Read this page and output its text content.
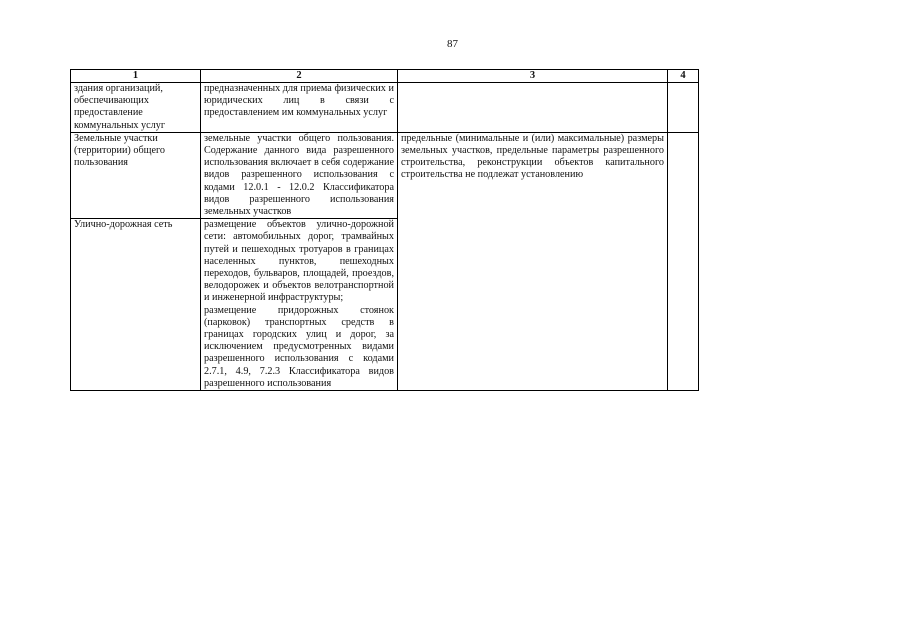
87
1	2	3	4
здания организаций, обеспечивающих предоставление коммунальных услуг	предназначенных для приема физических и юридических лиц в связи с предоставлением им коммунальных услуг		
Земельные участки (территории) общего пользования	земельные участки общего пользования. Содержание данного вида разрешенного использования включает в себя содержание видов разрешенного использования с кодами 12.0.1 - 12.0.2 Классификатора видов разрешенного использования земельных участков	предельные (минимальные и (или) максимальные) размеры земельных участков, предельные параметры разрешенного строительства, реконструкции объектов капитального строительства не подлежат установлению	
Улично-дорожная сеть	размещение объектов улично-дорожной сети: автомобильных дорог, трамвайных путей и пешеходных тротуаров в границах населенных пунктов, пешеходных переходов, бульваров, площадей, проездов, велодорожек и объектов велотранспортной и инженерной инфраструктуры;
размещение придорожных стоянок (парковок) транспортных средств в границах городских улиц и дорог, за исключением предусмотренных видами разрешенного использования с кодами 2.7.1, 4.9, 7.2.3 Классификатора видов разрешенного использования		
